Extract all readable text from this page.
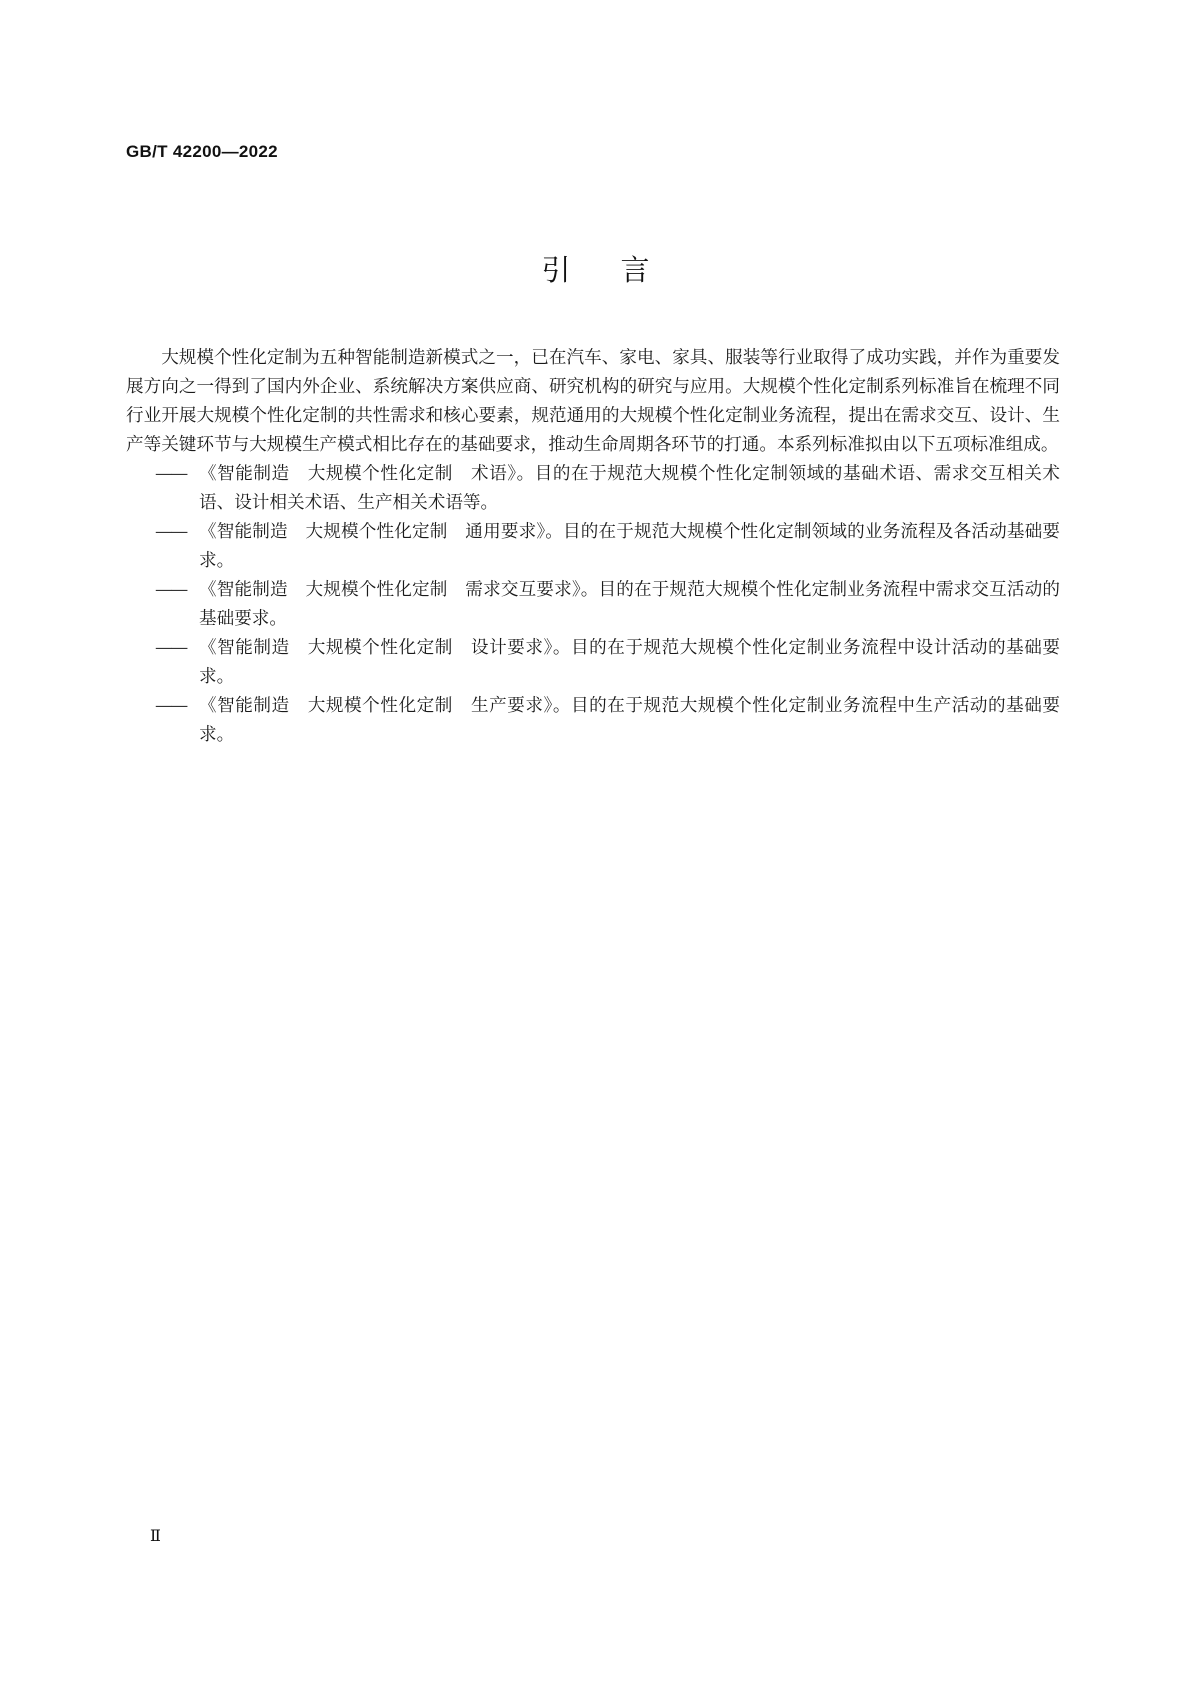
GB/T 42200—2022
引言

大规模个性化定制为五种智能制造新模式之一，已在汽车、家电、家具、服装等行业取得了成功实践，并作为重要发展方向之一得到了国内外企业、系统解决方案供应商、研究机构的研究与应用。大规模个性化定制系列标准旨在梳理不同行业开展大规模个性化定制的共性需求和核心要素，规范通用的大规模个性化定制业务流程，提出在需求交互、设计、生产等关键环节与大规模生产模式相比存在的基础要求，推动生命周期各环节的打通。本系列标准拟由以下五项标准组成。

—— 《智能制造　大规模个性化定制　术语》。目的在于规范大规模个性化定制领域的基础术语、需求交互相关术语、设计相关术语、生产相关术语等。
—— 《智能制造　大规模个性化定制　通用要求》。目的在于规范大规模个性化定制领域的业务流程及各活动基础要求。
—— 《智能制造　大规模个性化定制　需求交互要求》。目的在于规范大规模个性化定制业务流程中需求交互活动的基础要求。
—— 《智能制造　大规模个性化定制　设计要求》。目的在于规范大规模个性化定制业务流程中设计活动的基础要求。
—— 《智能制造　大规模个性化定制　生产要求》。目的在于规范大规模个性化定制业务流程中生产活动的基础要求。
Ⅱ
